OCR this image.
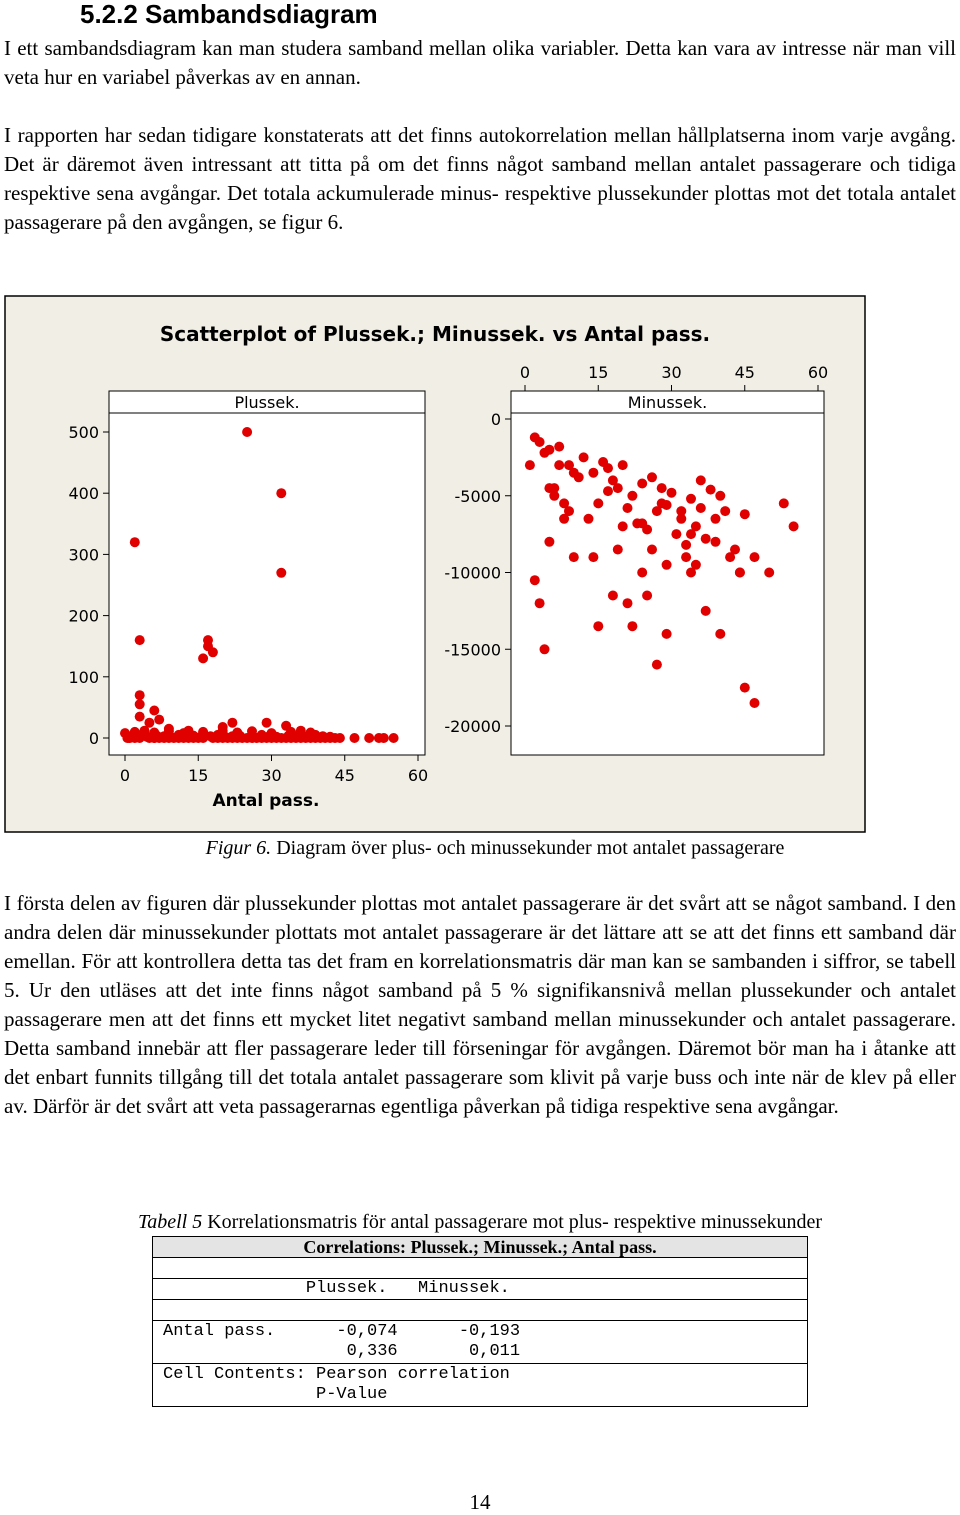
5.2.2 Sambandsdiagram

I ett sambandsdiagram kan man studera samband mellan olika variabler. Detta kan vara av intresse när man vill veta hur en variabel påverkas av en annan.

I rapporten har sedan tidigare konstaterats att det finns autokorrelation mellan hållplatserna inom varje avgång. Det är däremot även intressant att titta på om det finns något samband mellan antalet passagerare och tidiga respektive sena avgångar. Det totala ackumulerade minus- respektive plussekunder plottas mot det totala antalet passagerare på den avgången, se figur 6.

Scatterplot of Plussek.; Minussek. vs Antal pass.
Plussek.	Minussek.
0
100
200
300
400
500
0
-5000
-10000
-15000
-20000
0	15	30	45	60
0	15	30	45	60
Antal pass.

Figur 6. Diagram över plus- och minussekunder mot antalet passagerare

I första delen av figuren där plussekunder plottas mot antalet passagerare är det svårt att se något samband. I den andra delen där minussekunder plottats mot antalet passagerare är det lättare att se att det finns ett samband där emellan. För att kontrollera detta tas det fram en korrelationsmatris där man kan se sambanden i siffror, se tabell 5. Ur den utläses att det inte finns något samband på 5 % signifikansnivå mellan plussekunder och antalet passagerare men att det finns ett mycket litet negativt samband mellan minussekunder och antalet passagerare. Detta samband innebär att fler passagerare leder till förseningar för avgången. Däremot bör man ha i åtanke att det enbart funnits tillgång till det totala antalet passagerare som klivit på varje buss och inte när de klev på eller av. Därför är det svårt att veta passagerarnas egentliga påverkan på tidiga respektive sena avgångar.

Tabell 5 Korrelationsmatris för antal passagerare mot plus- respektive minussekunder

Correlations: Plussek.; Minussek.; Antal pass.

Plussek.   Minussek.

Antal pass.      -0,074      -0,193
0,336       0,011

Cell Contents: Pearson correlation
P-Value

14
